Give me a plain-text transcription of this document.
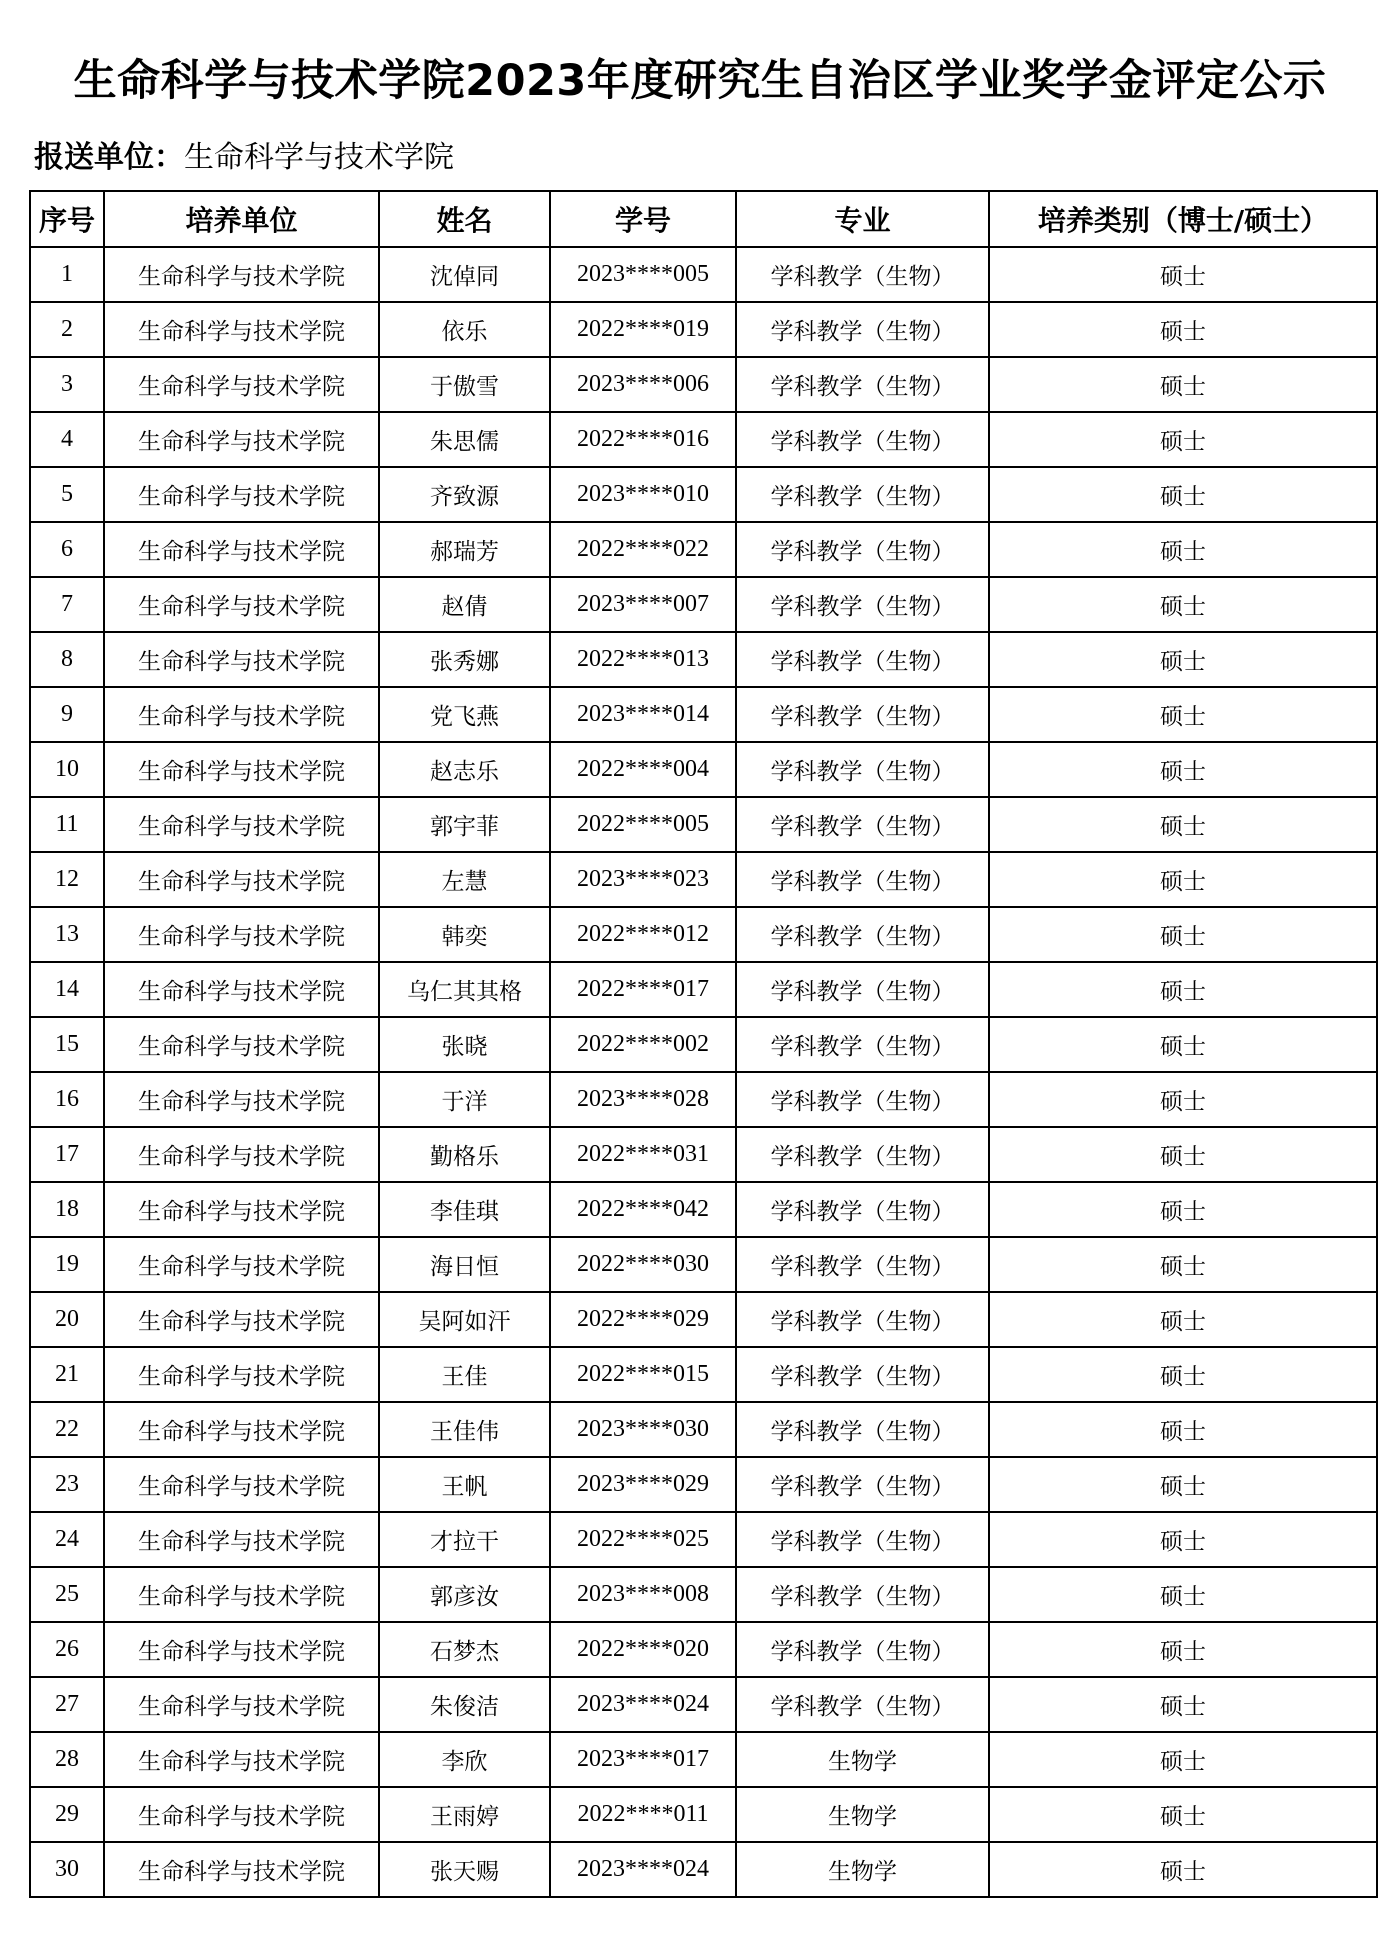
生命科学与技术学院2023年度研究生自治区学业奖学金评定公示
报送单位：生命科学与技术学院
序号	培养单位	姓名	学号	专业	培养类别（博士/硕士）
1	生命科学与技术学院	沈倬同	2023****005	学科教学（生物）	硕士
2	生命科学与技术学院	依乐	2022****019	学科教学（生物）	硕士
3	生命科学与技术学院	于傲雪	2023****006	学科教学（生物）	硕士
4	生命科学与技术学院	朱思儒	2022****016	学科教学（生物）	硕士
5	生命科学与技术学院	齐致源	2023****010	学科教学（生物）	硕士
6	生命科学与技术学院	郝瑞芳	2022****022	学科教学（生物）	硕士
7	生命科学与技术学院	赵倩	2023****007	学科教学（生物）	硕士
8	生命科学与技术学院	张秀娜	2022****013	学科教学（生物）	硕士
9	生命科学与技术学院	党飞燕	2023****014	学科教学（生物）	硕士
10	生命科学与技术学院	赵志乐	2022****004	学科教学（生物）	硕士
11	生命科学与技术学院	郭宇菲	2022****005	学科教学（生物）	硕士
12	生命科学与技术学院	左慧	2023****023	学科教学（生物）	硕士
13	生命科学与技术学院	韩奕	2022****012	学科教学（生物）	硕士
14	生命科学与技术学院	乌仁其其格	2022****017	学科教学（生物）	硕士
15	生命科学与技术学院	张晓	2022****002	学科教学（生物）	硕士
16	生命科学与技术学院	于洋	2023****028	学科教学（生物）	硕士
17	生命科学与技术学院	勤格乐	2022****031	学科教学（生物）	硕士
18	生命科学与技术学院	李佳琪	2022****042	学科教学（生物）	硕士
19	生命科学与技术学院	海日恒	2022****030	学科教学（生物）	硕士
20	生命科学与技术学院	吴阿如汗	2022****029	学科教学（生物）	硕士
21	生命科学与技术学院	王佳	2022****015	学科教学（生物）	硕士
22	生命科学与技术学院	王佳伟	2023****030	学科教学（生物）	硕士
23	生命科学与技术学院	王帆	2023****029	学科教学（生物）	硕士
24	生命科学与技术学院	才拉干	2022****025	学科教学（生物）	硕士
25	生命科学与技术学院	郭彦汝	2023****008	学科教学（生物）	硕士
26	生命科学与技术学院	石梦杰	2022****020	学科教学（生物）	硕士
27	生命科学与技术学院	朱俊洁	2023****024	学科教学（生物）	硕士
28	生命科学与技术学院	李欣	2023****017	生物学	硕士
29	生命科学与技术学院	王雨婷	2022****011	生物学	硕士
30	生命科学与技术学院	张天赐	2023****024	生物学	硕士
